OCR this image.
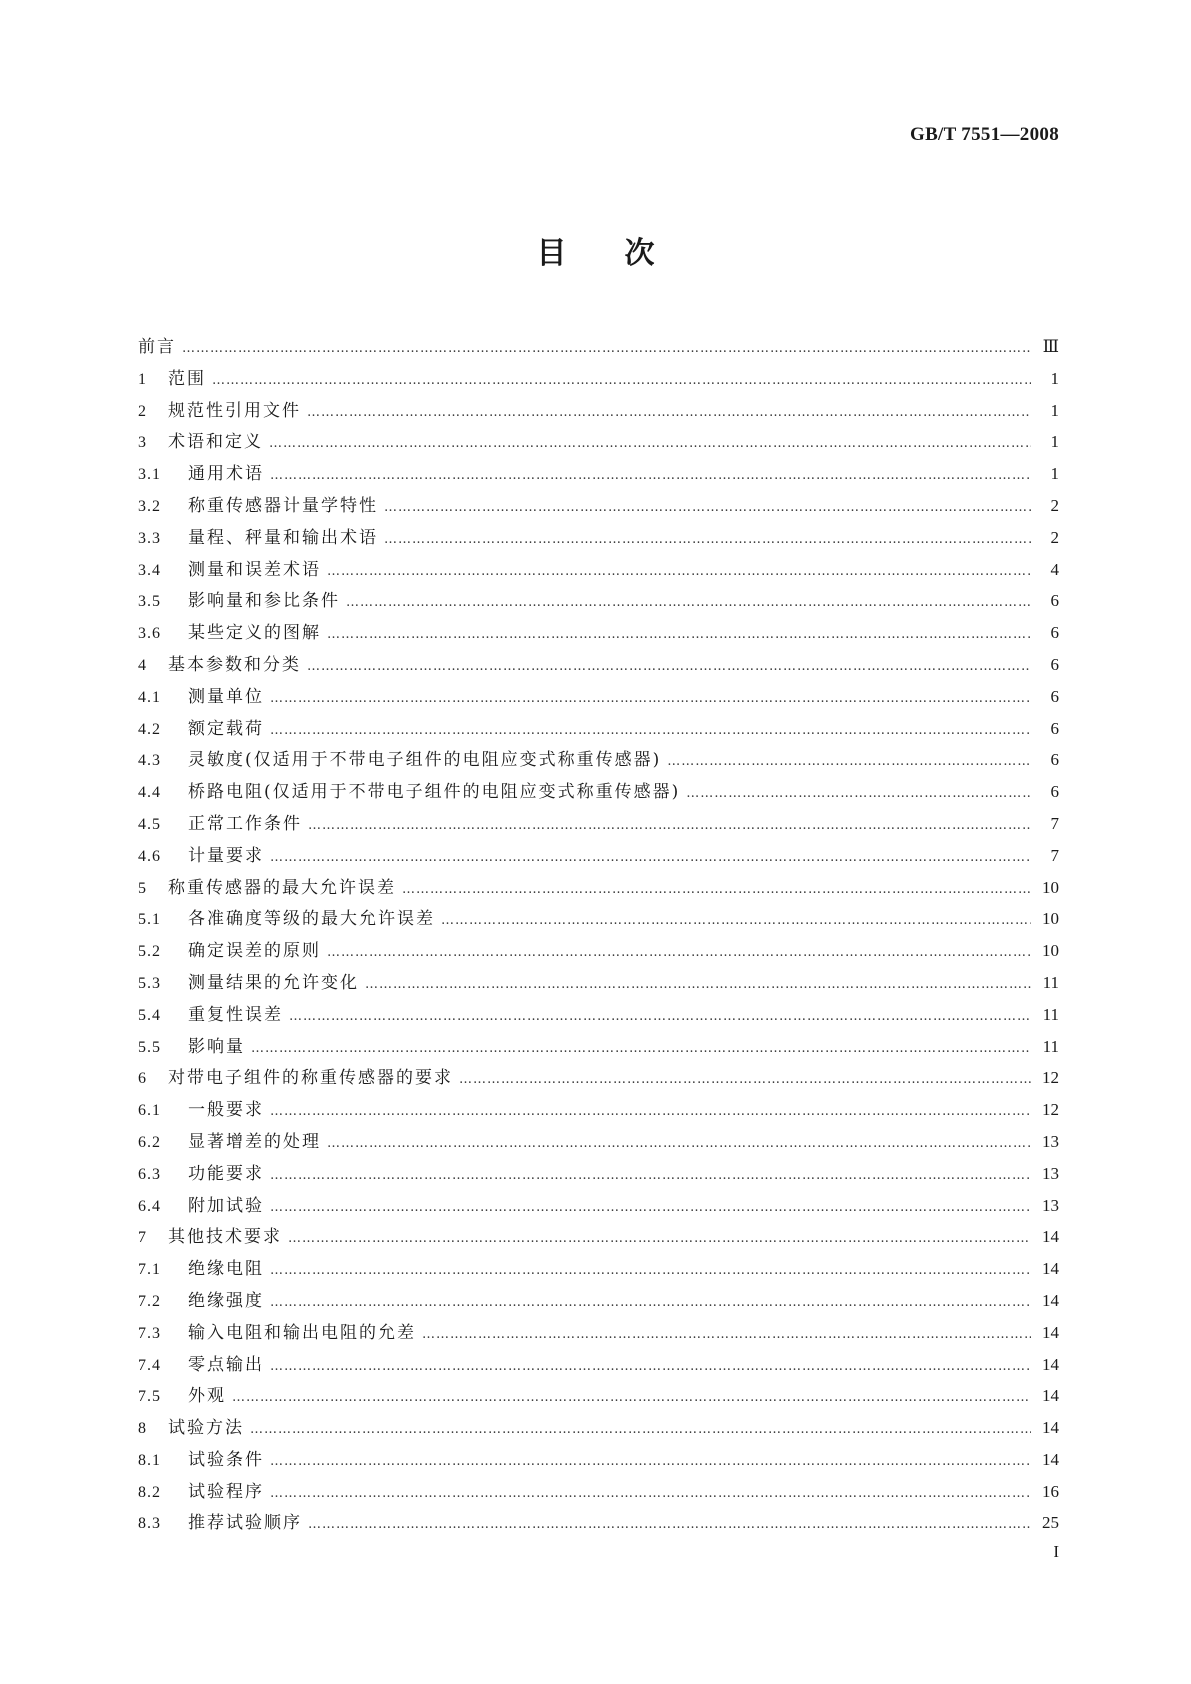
GB/T 7551—2008
目次
前言 ……………………………………………………………………………………………………………………………………………………………………………………………………………………………………………………	Ⅲ
1	范围 ……………………………………………………………………………………………………………………………………………………………………………………………………………………………………………………	1
2	规范性引用文件 ……………………………………………………………………………………………………………………………………………………………………………………………………………………………………………………	1
3	术语和定义 ……………………………………………………………………………………………………………………………………………………………………………………………………………………………………………………	1
3.1	通用术语 ……………………………………………………………………………………………………………………………………………………………………………………………………………………………………………………	1
3.2	称重传感器计量学特性 ……………………………………………………………………………………………………………………………………………………………………………………………………………………………………………………	2
3.3	量程、秤量和输出术语 ……………………………………………………………………………………………………………………………………………………………………………………………………………………………………………………	2
3.4	测量和误差术语 ……………………………………………………………………………………………………………………………………………………………………………………………………………………………………………………	4
3.5	影响量和参比条件 ……………………………………………………………………………………………………………………………………………………………………………………………………………………………………………………	6
3.6	某些定义的图解 ……………………………………………………………………………………………………………………………………………………………………………………………………………………………………………………	6
4	基本参数和分类 ……………………………………………………………………………………………………………………………………………………………………………………………………………………………………………………	6
4.1	测量单位 ……………………………………………………………………………………………………………………………………………………………………………………………………………………………………………………	6
4.2	额定载荷 ……………………………………………………………………………………………………………………………………………………………………………………………………………………………………………………	6
4.3	灵敏度(仅适用于不带电子组件的电阻应变式称重传感器) ……………………………………………………………………………………………………………………………………………………………………………………………………………………………………………………	6
4.4	桥路电阻(仅适用于不带电子组件的电阻应变式称重传感器) ……………………………………………………………………………………………………………………………………………………………………………………………………………………………………………………	6
4.5	正常工作条件 ……………………………………………………………………………………………………………………………………………………………………………………………………………………………………………………	7
4.6	计量要求 ……………………………………………………………………………………………………………………………………………………………………………………………………………………………………………………	7
5	称重传感器的最大允许误差 ……………………………………………………………………………………………………………………………………………………………………………………………………………………………………………………	10
5.1	各准确度等级的最大允许误差 ……………………………………………………………………………………………………………………………………………………………………………………………………………………………………………………	10
5.2	确定误差的原则 ……………………………………………………………………………………………………………………………………………………………………………………………………………………………………………………	10
5.3	测量结果的允许变化 ……………………………………………………………………………………………………………………………………………………………………………………………………………………………………………………	11
5.4	重复性误差 ……………………………………………………………………………………………………………………………………………………………………………………………………………………………………………………	11
5.5	影响量 ……………………………………………………………………………………………………………………………………………………………………………………………………………………………………………………	11
6	对带电子组件的称重传感器的要求 ……………………………………………………………………………………………………………………………………………………………………………………………………………………………………………………	12
6.1	一般要求 ……………………………………………………………………………………………………………………………………………………………………………………………………………………………………………………	12
6.2	显著增差的处理 ……………………………………………………………………………………………………………………………………………………………………………………………………………………………………………………	13
6.3	功能要求 ……………………………………………………………………………………………………………………………………………………………………………………………………………………………………………………	13
6.4	附加试验 ……………………………………………………………………………………………………………………………………………………………………………………………………………………………………………………	13
7	其他技术要求 ……………………………………………………………………………………………………………………………………………………………………………………………………………………………………………………	14
7.1	绝缘电阻 ……………………………………………………………………………………………………………………………………………………………………………………………………………………………………………………	14
7.2	绝缘强度 ……………………………………………………………………………………………………………………………………………………………………………………………………………………………………………………	14
7.3	输入电阻和输出电阻的允差 ……………………………………………………………………………………………………………………………………………………………………………………………………………………………………………………	14
7.4	零点输出 ……………………………………………………………………………………………………………………………………………………………………………………………………………………………………………………	14
7.5	外观 ……………………………………………………………………………………………………………………………………………………………………………………………………………………………………………………	14
8	试验方法 ……………………………………………………………………………………………………………………………………………………………………………………………………………………………………………………	14
8.1	试验条件 ……………………………………………………………………………………………………………………………………………………………………………………………………………………………………………………	14
8.2	试验程序 ……………………………………………………………………………………………………………………………………………………………………………………………………………………………………………………	16
8.3	推荐试验顺序 ……………………………………………………………………………………………………………………………………………………………………………………………………………………………………………………	25
I
